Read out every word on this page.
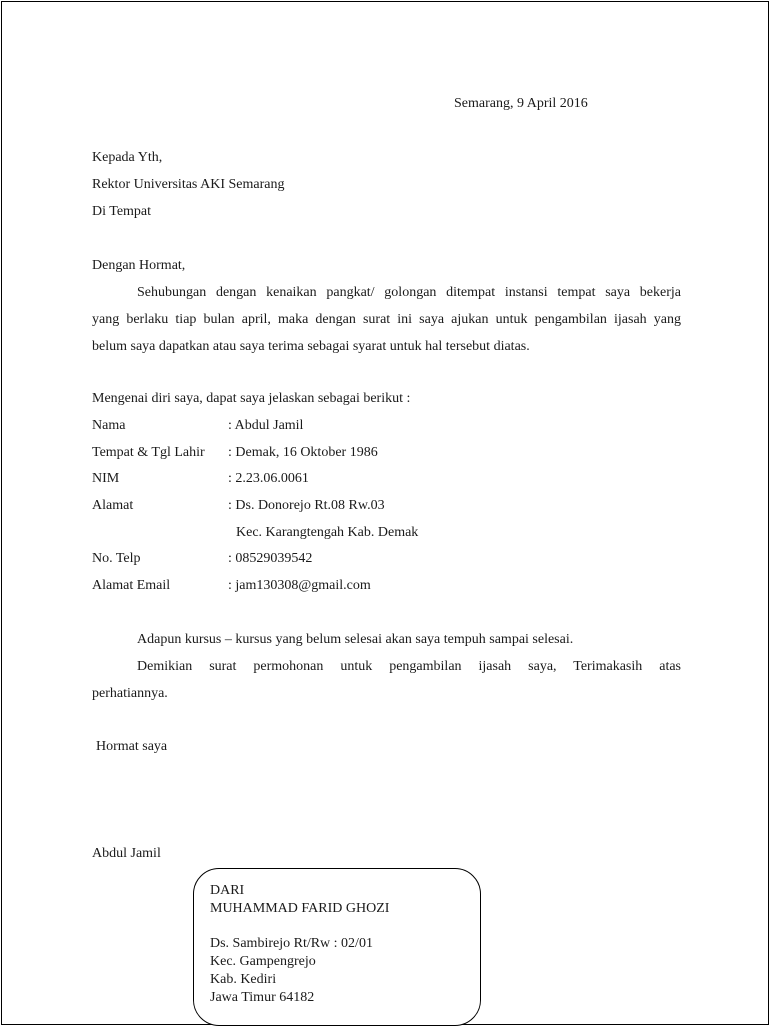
Semarang, 9 April 2016
Kepada Yth,
Rektor Universitas AKI Semarang
Di Tempat
Dengan Hormat,
Sehubungan dengan kenaikan pangkat/ golongan ditempat instansi tempat saya bekerja
yang berlaku tiap bulan april, maka dengan surat ini saya ajukan untuk pengambilan ijasah yang
belum saya dapatkan atau saya terima sebagai syarat untuk hal tersebut diatas.
Mengenai diri saya, dapat saya jelaskan sebagai berikut :
Nama	: Abdul Jamil
Tempat & Tgl Lahir : Demak, 16 Oktober 1986
NIM	: 2.23.06.0061
Alamat	: Ds. Donorejo Rt.08 Rw.03
Kec. Karangtengah Kab. Demak
No. Telp	: 08529039542
Alamat Email	: jam130308@gmail.com
Adapun kursus – kursus yang belum selesai akan saya tempuh sampai selesai.
Demikian surat permohonan untuk pengambilan ijasah saya, Terimakasih atas
perhatiannya.
Hormat saya
Abdul Jamil
DARI
MUHAMMAD FARID GHOZI
Ds. Sambirejo Rt/Rw : 02/01
Kec. Gampengrejo
Kab. Kediri
Jawa Timur 64182
